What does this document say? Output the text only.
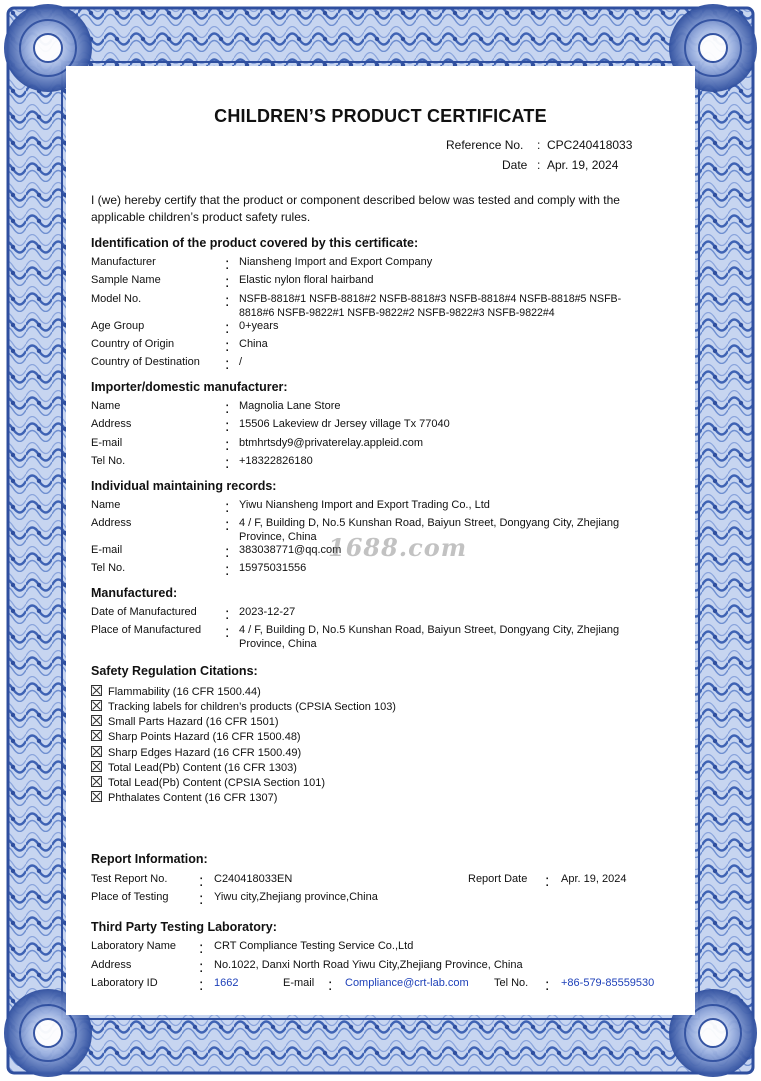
CHILDREN’S PRODUCT CERTIFICATE
Reference No. : CPC240418033
Date : Apr. 19, 2024
I (we) hereby certify that the product or component described below was tested and comply with the applicable children’s product safety rules.
Identification of the product covered by this certificate:
Manufacturer	: Niansheng Import and Export Company
Sample Name	: Elastic nylon floral hairband
Model No.	: NSFB-8818#1 NSFB-8818#2 NSFB-8818#3 NSFB-8818#4 NSFB-8818#5 NSFB-8818#6 NSFB-9822#1 NSFB-9822#2 NSFB-9822#3 NSFB-9822#4
Age Group	: 0+years
Country of Origin	: China
Country of Destination : /
Importer/domestic manufacturer:
Name	: Magnolia Lane Store
Address	: 15506 Lakeview dr Jersey village Tx 77040
E-mail	: btmhrtsdy9@privaterelay.appleid.com
Tel No.	: +18322826180
Individual maintaining records:
Name	: Yiwu Niansheng Import and Export Trading Co., Ltd
Address	: 4 / F, Building D, No.5 Kunshan Road, Baiyun Street, Dongyang City, Zhejiang Province, China
E-mail	: 383038771@qq.com
Tel No.	: 15975031556
1688.com
Manufactured:
Date of Manufactured : 2023-12-27
Place of Manufactured : 4 / F, Building D, No.5 Kunshan Road, Baiyun Street, Dongyang City, Zhejiang Province, China
Safety Regulation Citations:
Flammability (16 CFR 1500.44)
Tracking labels for children’s products (CPSIA Section 103)
Small Parts Hazard (16 CFR 1501)
Sharp Points Hazard (16 CFR 1500.48)
Sharp Edges Hazard (16 CFR 1500.49)
Total Lead(Pb) Content (16 CFR 1303)
Total Lead(Pb) Content (CPSIA Section 101)
Phthalates Content (16 CFR 1307)
Report Information:
Test Report No. : C240418033EN	Report Date : Apr. 19, 2024
Place of Testing : Yiwu city,Zhejiang province,China
Third Party Testing Laboratory:
Laboratory Name : CRT Compliance Testing Service Co.,Ltd
Address	: No.1022, Danxi North Road Yiwu City,Zhejiang Province, China
Laboratory ID	: 1662	E-mail : Compliance@crt-lab.com Tel No. : +86-579-85559530
